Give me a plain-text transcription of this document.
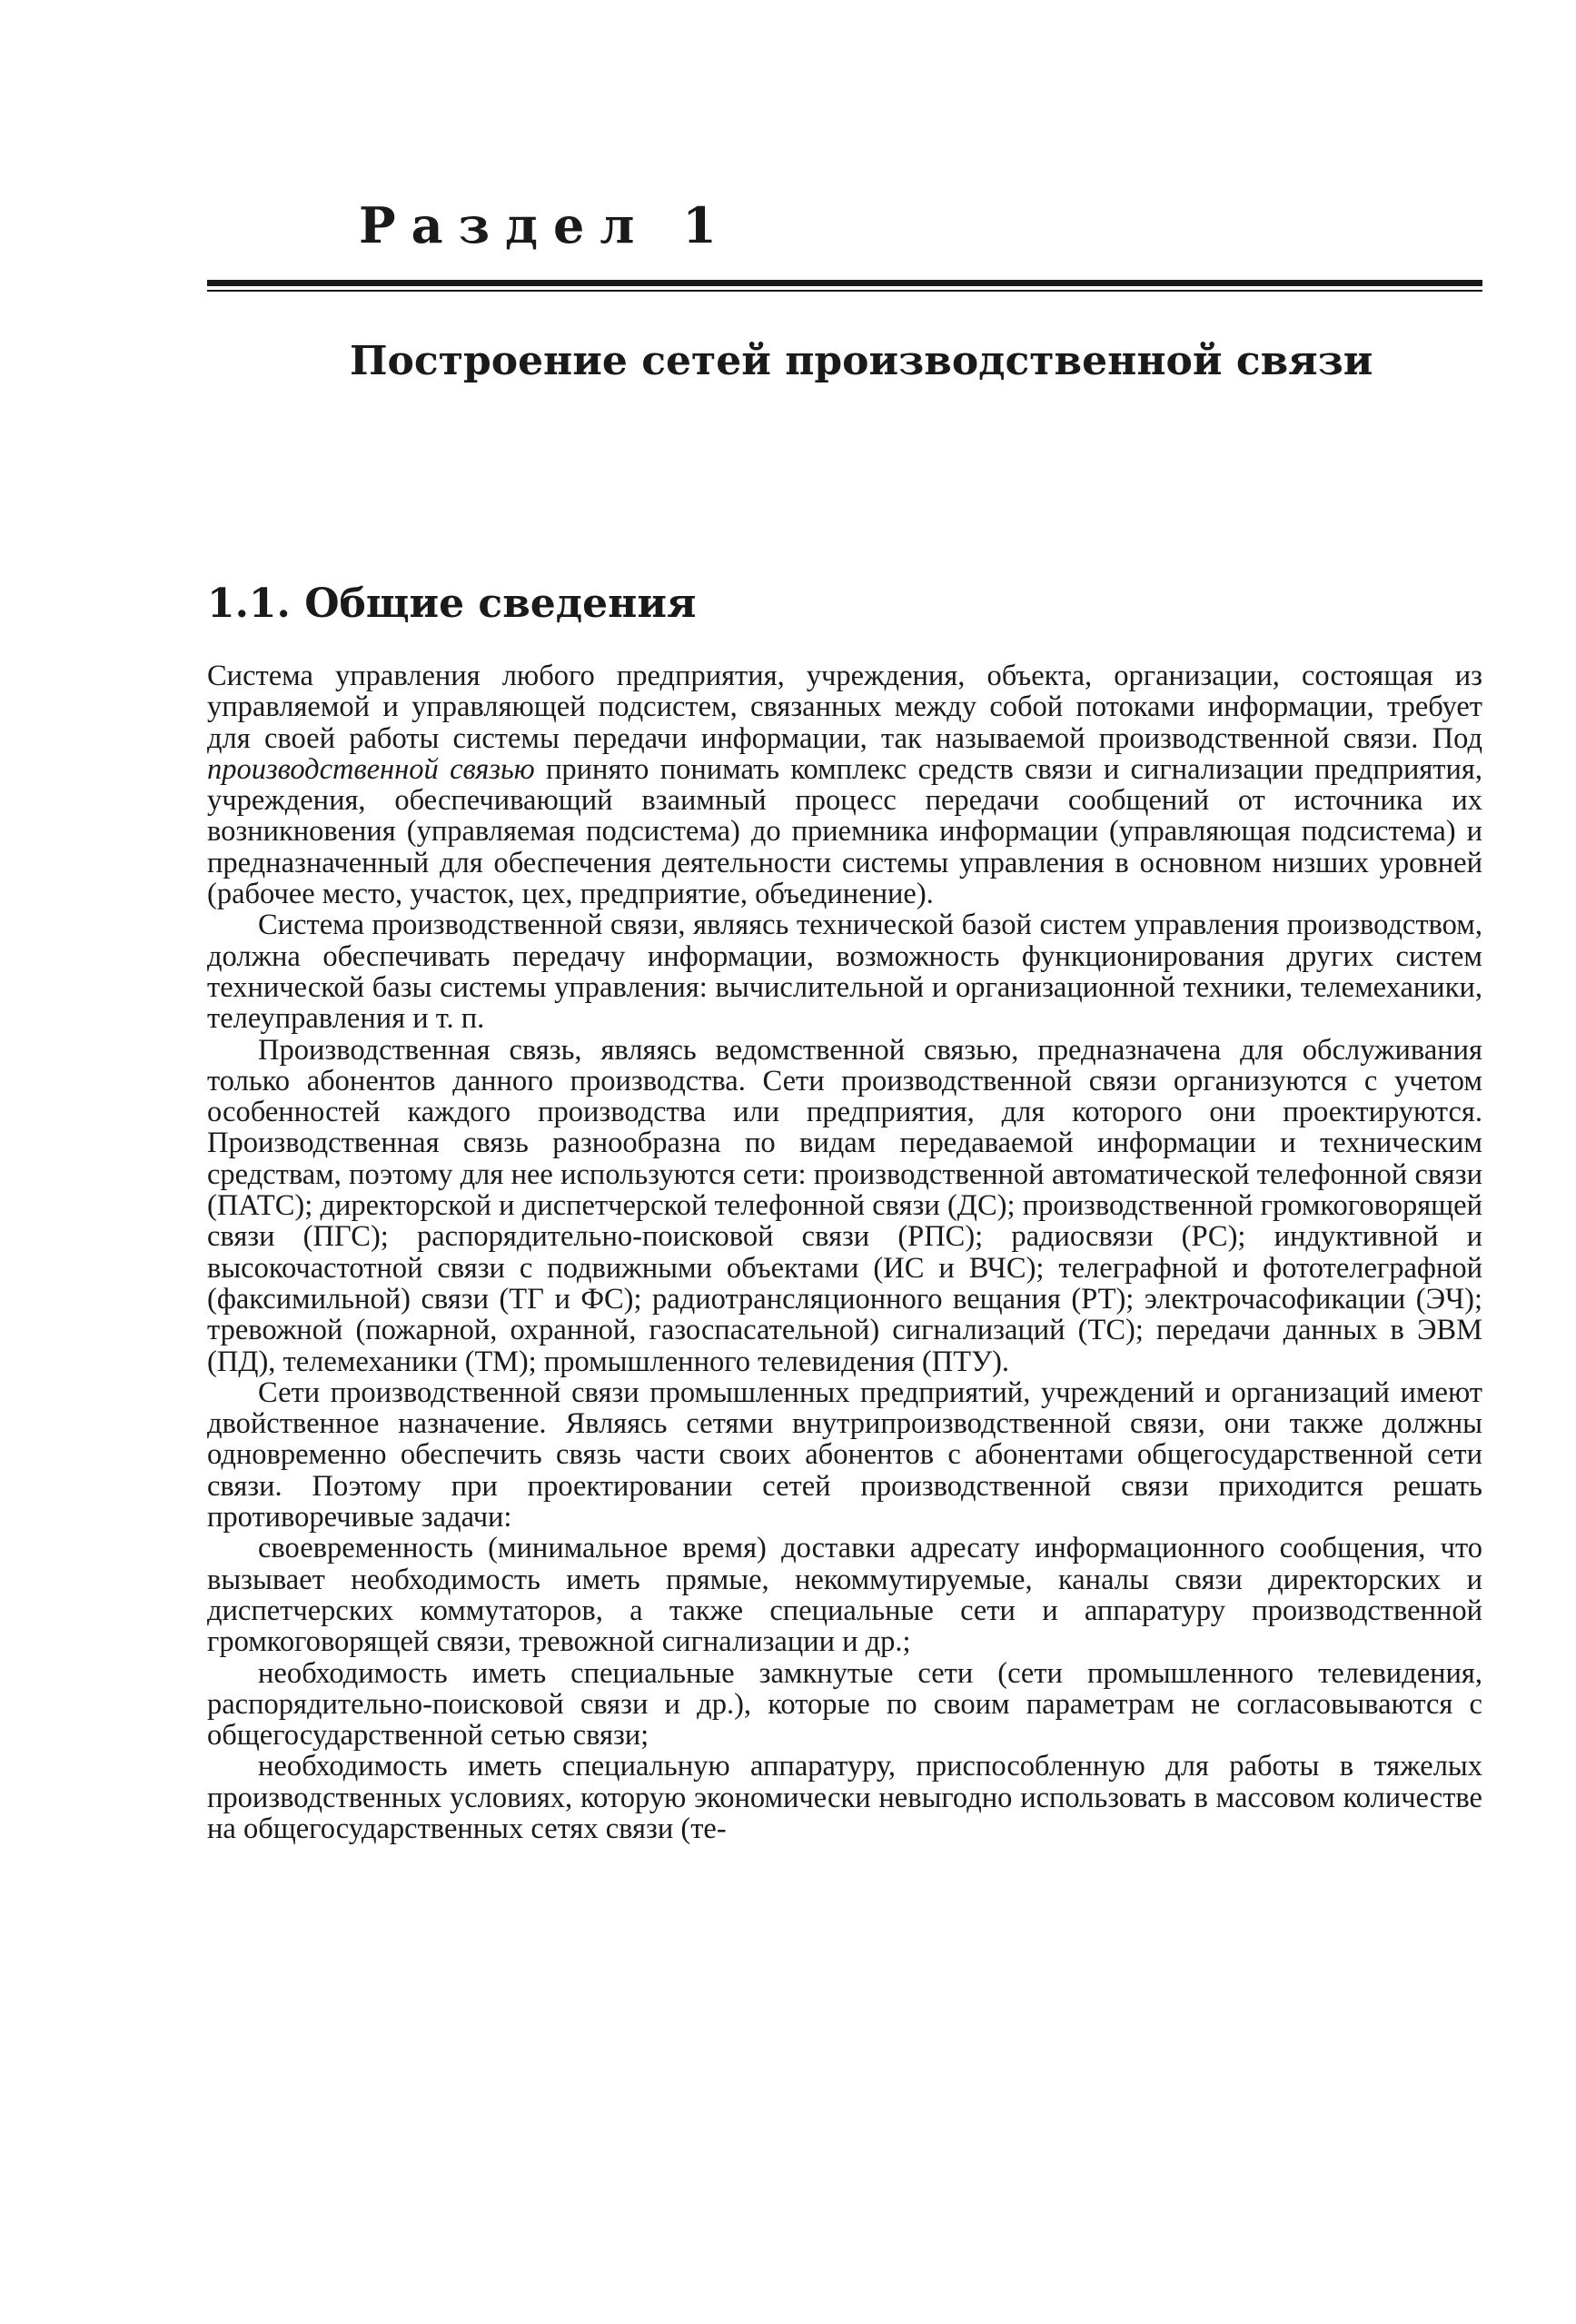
Раздел 1
Построение сетей производственной связи
1.1. Общие сведения

Система управления любого предприятия, учреждения, объекта, организации, состоящая из управляемой и управляющей подсистем, связанных между собой потоками информации, требует для своей работы системы передачи информации, так называемой производственной связи. Под производственной связью принято понимать комплекс средств связи и сигнализации предприятия, учреждения, обеспечивающий взаимный процесс передачи сообщений от источника их возникновения (управляемая подсистема) до приемника информации (управляющая подсистема) и предназначенный для обеспечения деятельности системы управления в основном низших уровней (рабочее место, участок, цех, предприятие, объединение).

Система производственной связи, являясь технической базой систем управления производством, должна обеспечивать передачу информации, возможность функционирования других систем технической базы системы управления: вычислительной и организационной техники, телемеханики, телеуправления и т. п.

Производственная связь, являясь ведомственной связью, предназначена для обслуживания только абонентов данного производства. Сети производственной связи организуются с учетом особенностей каждого производства или предприятия, для которого они проектируются. Производственная связь разнообразна по видам передаваемой информации и техническим средствам, поэтому для нее используются сети: производственной автоматической телефонной связи (ПАТС); директорской и диспетчерской телефонной связи (ДС); производственной громкоговорящей связи (ПГС); распорядительно-поисковой связи (РПС); радиосвязи (РС); индуктивной и высокочастотной связи с подвижными объектами (ИС и ВЧС); телеграфной и фототелеграфной (факсимильной) связи (ТГ и ФС); радиотрансляционного вещания (РТ); электрочасофикации (ЭЧ); тревожной (пожарной, охранной, газоспасательной) сигнализаций (ТС); передачи данных в ЭВМ (ПД), телемеханики (ТМ); промышленного телевидения (ПТУ).

Сети производственной связи промышленных предприятий, учреждений и организаций имеют двойственное назначение. Являясь сетями внутрипроизводственной связи, они также должны одновременно обеспечить связь части своих абонентов с абонентами общегосударственной сети связи. Поэтому при проектировании сетей производственной связи приходится решать противоречивые задачи:

своевременность (минимальное время) доставки адресату информационного сообщения, что вызывает необходимость иметь прямые, некоммутируемые, каналы связи директорских и диспетчерских коммутаторов, а также специальные сети и аппаратуру производственной громкоговорящей связи, тревожной сигнализации и др.;

необходимость иметь специальные замкнутые сети (сети промышленного телевидения, распорядительно-поисковой связи и др.), которые по своим параметрам не согласовываются с общегосударственной сетью связи;

необходимость иметь специальную аппаратуру, приспособленную для работы в тяжелых производственных условиях, которую экономически невыгодно использовать в массовом количестве на общегосударственных сетях связи (те-
